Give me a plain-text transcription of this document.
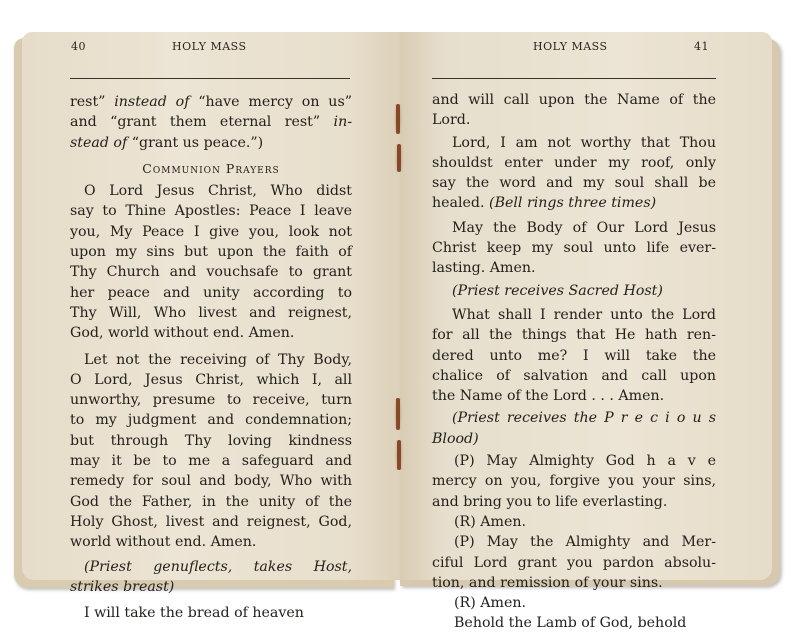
40	HOLY MASS	HOLY MASS	41
rest” instead of “have mercy on us”
and “grant them eternal rest” in-
stead of “grant us peace.”)
Communion Prayers
O Lord Jesus Christ, Who didst
say to Thine Apostles: Peace I leave
you, My Peace I give you, look not
upon my sins but upon the faith of
Thy Church and vouchsafe to grant
her peace and unity according to
Thy Will, Who livest and reignest,
God, world without end. Amen.
Let not the receiving of Thy Body,
O Lord, Jesus Christ, which I, all
unworthy, presume to receive, turn
to my judgment and condemnation;
but through Thy loving kindness
may it be to me a safeguard and
remedy for soul and body, Who with
God the Father, in the unity of the
Holy Ghost, livest and reignest, God,
world without end. Amen.
(Priest genuflects, takes Host,
strikes breast)
I will take the bread of heaven
and will call upon the Name of the
Lord.
Lord, I am not worthy that Thou
shouldst enter under my roof, only
say the word and my soul shall be
healed. (Bell rings three times)
May the Body of Our Lord Jesus
Christ keep my soul unto life ever-
lasting. Amen.
(Priest receives Sacred Host)
What shall I render unto the Lord
for all the things that He hath ren-
dered unto me? I will take the
chalice of salvation and call upon
the Name of the Lord . . . Amen.
(Priest receives the P r e c i o u s
Blood)
(P) May Almighty God h a v e
mercy on you, forgive you your sins,
and bring you to life everlasting.
(R) Amen.
(P) May the Almighty and Mer-
ciful Lord grant you pardon absolu-
tion, and remission of your sins.
(R) Amen.
Behold the Lamb of God, behold
